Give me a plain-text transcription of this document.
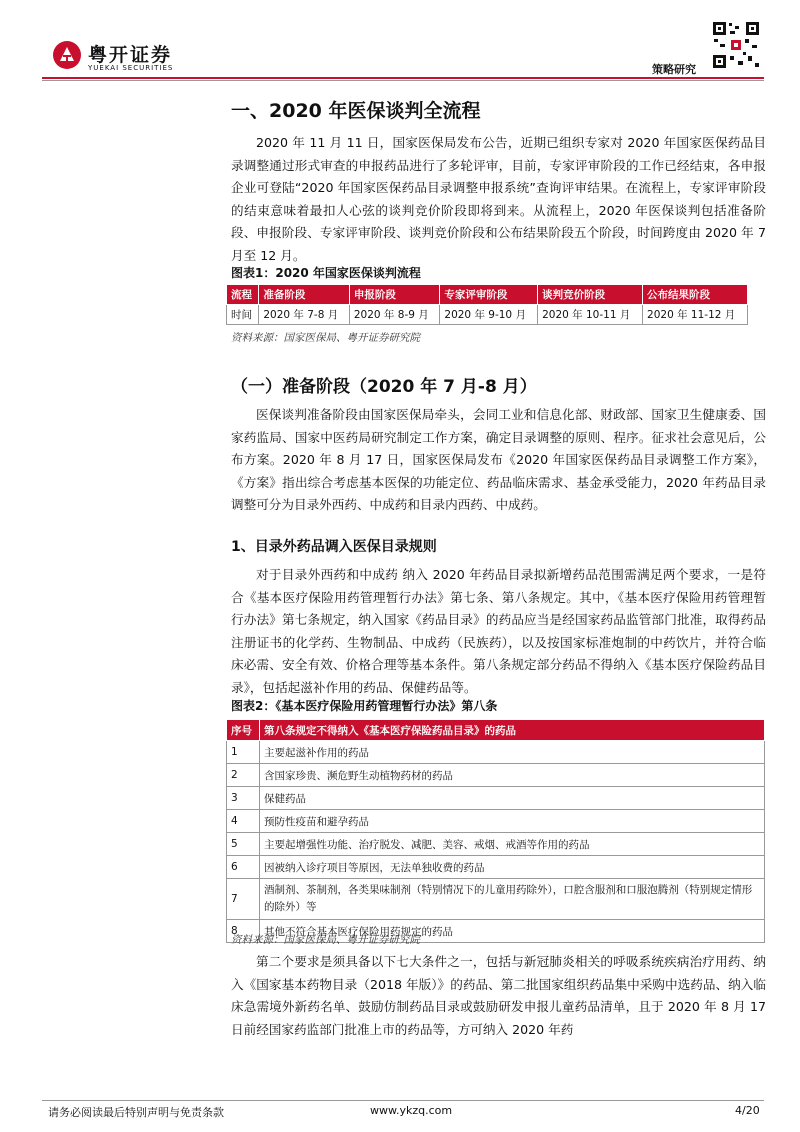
粤开证券
YUEKAI SECURITIES	策略研究
一、2020 年医保谈判全流程
2020 年 11 月 11 日，国家医保局发布公告，近期已组织专家对 2020 年国家医保药品目录调整通过形式审查的申报药品进行了多轮评审，目前，专家评审阶段的工作已经结束，各申报企业可登陆“2020 年国家医保药品目录调整申报系统”查询评审结果。在流程上，专家评审阶段的结束意味着最扣人心弦的谈判竞价阶段即将到来。从流程上，2020 年医保谈判包括准备阶段、申报阶段、专家评审阶段、谈判竞价阶段和公布结果阶段五个阶段，时间跨度由 2020 年 7 月至 12 月。
图表1：2020 年国家医保谈判流程
流程	准备阶段	申报阶段	专家评审阶段	谈判竞价阶段	公布结果阶段
时间	2020 年 7-8 月	2020 年 8-9 月	2020 年 9-10 月	2020 年 10-11 月	2020 年 11-12 月
资料来源：国家医保局、粤开证券研究院
（一）准备阶段（2020 年 7 月-8 月）
医保谈判准备阶段由国家医保局牵头，会同工业和信息化部、财政部、国家卫生健康委、国家药监局、国家中医药局研究制定工作方案，确定目录调整的原则、程序。征求社会意见后，公布方案。2020 年 8 月 17 日，国家医保局发布《2020 年国家医保药品目录调整工作方案》，《方案》指出综合考虑基本医保的功能定位、药品临床需求、基金承受能力，2020 年药品目录调整可分为目录外西药、中成药和目录内西药、中成药。
1、目录外药品调入医保目录规则
对于目录外西药和中成药 纳入 2020 年药品目录拟新增药品范围需满足两个要求，一是符合《基本医疗保险用药管理暂行办法》第七条、第八条规定。其中，《基本医疗保险用药管理暂行办法》第七条规定，纳入国家《药品目录》的药品应当是经国家药品监管部门批准，取得药品注册证书的化学药、生物制品、中成药（民族药），以及按国家标准炮制的中药饮片，并符合临床必需、安全有效、价格合理等基本条件。第八条规定部分药品不得纳入《基本医疗保险药品目录》，包括起滋补作用的药品、保健药品等。
图表2：《基本医疗保险用药管理暂行办法》第八条
序号	第八条规定不得纳入《基本医疗保险药品目录》的药品
1	主要起滋补作用的药品
2	含国家珍贵、濒危野生动植物药材的药品
3	保健药品
4	预防性疫苗和避孕药品
5	主要起增强性功能、治疗脱发、减肥、美容、戒烟、戒酒等作用的药品
6	因被纳入诊疗项目等原因，无法单独收费的药品
7	酒制剂、茶制剂，各类果味制剂（特别情况下的儿童用药除外），口腔含服剂和口服泡腾剂（特别规定情形的除外）等
8	其他不符合基本医疗保险用药规定的药品
资料来源：国家医保局、粤开证券研究院
第二个要求是须具备以下七大条件之一，包括与新冠肺炎相关的呼吸系统疾病治疗用药、纳入《国家基本药物目录（2018 年版）》的药品、第二批国家组织药品集中采购中选药品、纳入临床急需境外新药名单、鼓励仿制药品目录或鼓励研发申报儿童药品清单，且于 2020 年 8 月 17 日前经国家药监部门批准上市的药品等，方可纳入 2020 年药
请务必阅读最后特别声明与免责条款	www.ykzq.com	4/20
